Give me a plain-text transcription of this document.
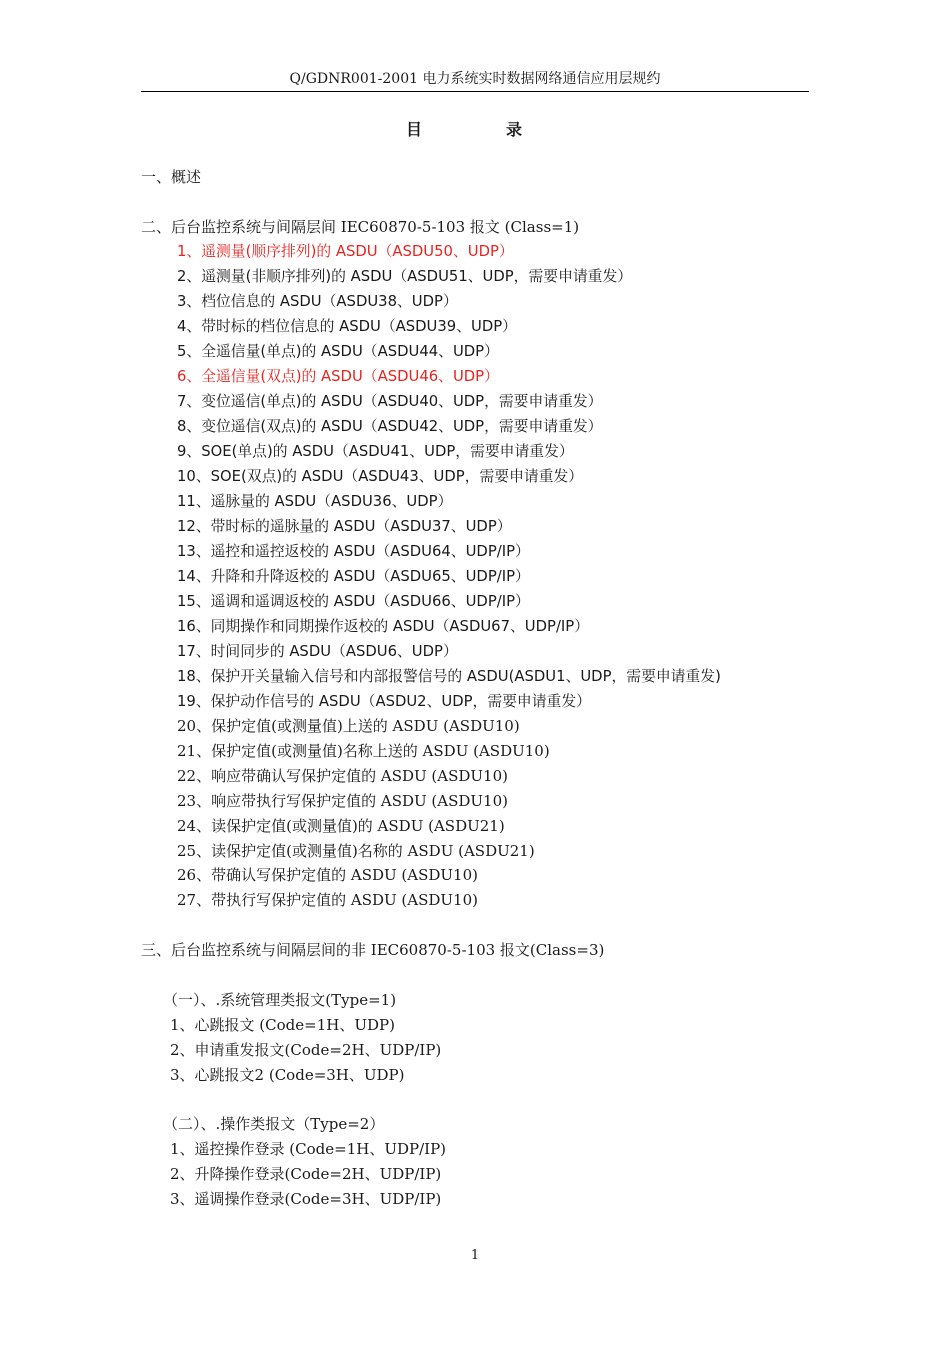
Q/GDNR001-2001 电力系统实时数据网络通信应用层规约
目	录
一、概述
二、后台监控系统与间隔层间 IEC60870-5-103 报文 (Class=1)
1、遥测量(顺序排列)的 ASDU（ASDU50、UDP）
2、遥测量(非顺序排列)的 ASDU（ASDU51、UDP，需要申请重发）
3、档位信息的 ASDU（ASDU38、UDP）
4、带时标的档位信息的 ASDU（ASDU39、UDP）
5、全遥信量(单点)的 ASDU（ASDU44、UDP）
6、全遥信量(双点)的 ASDU（ASDU46、UDP）
7、变位遥信(单点)的 ASDU（ASDU40、UDP，需要申请重发）
8、变位遥信(双点)的 ASDU（ASDU42、UDP，需要申请重发）
9、SOE(单点)的 ASDU（ASDU41、UDP，需要申请重发）
10、SOE(双点)的 ASDU（ASDU43、UDP，需要申请重发）
11、遥脉量的 ASDU（ASDU36、UDP）
12、带时标的遥脉量的 ASDU（ASDU37、UDP）
13、遥控和遥控返校的 ASDU（ASDU64、UDP/IP）
14、升降和升降返校的 ASDU（ASDU65、UDP/IP）
15、遥调和遥调返校的 ASDU（ASDU66、UDP/IP）
16、同期操作和同期操作返校的 ASDU（ASDU67、UDP/IP）
17、时间同步的 ASDU（ASDU6、UDP）
18、保护开关量输入信号和内部报警信号的 ASDU(ASDU1、UDP，需要申请重发)
19、保护动作信号的 ASDU（ASDU2、UDP，需要申请重发）
20、保护定值(或测量值)上送的 ASDU (ASDU10)
21、保护定值(或测量值)名称上送的 ASDU (ASDU10)
22、响应带确认写保护定值的 ASDU (ASDU10)
23、响应带执行写保护定值的 ASDU (ASDU10)
24、读保护定值(或测量值)的 ASDU (ASDU21)
25、读保护定值(或测量值)名称的 ASDU (ASDU21)
26、带确认写保护定值的 ASDU (ASDU10)
27、带执行写保护定值的 ASDU (ASDU10)
三、后台监控系统与间隔层间的非 IEC60870-5-103 报文(Class=3)
（一）、.系统管理类报文(Type=1)
1、心跳报文 (Code=1H、UDP)
2、申请重发报文(Code=2H、UDP/IP)
3、心跳报文2 (Code=3H、UDP)
（二）、.操作类报文（Type=2）
1、遥控操作登录 (Code=1H、UDP/IP)
2、升降操作登录(Code=2H、UDP/IP)
3、遥调操作登录(Code=3H、UDP/IP)
1
